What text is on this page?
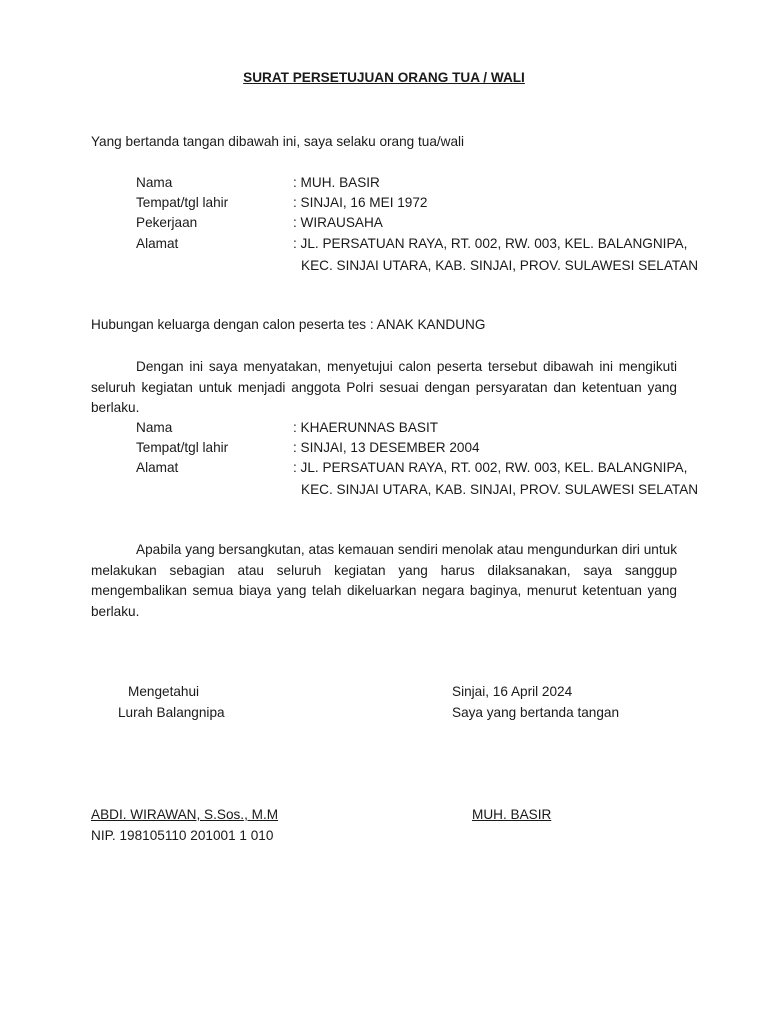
SURAT PERSETUJUAN ORANG TUA / WALI
Yang bertanda tangan dibawah ini, saya selaku orang tua/wali
Nama	: MUH. BASIR
Tempat/tgl lahir	: SINJAI, 16 MEI 1972
Pekerjaan	: WIRAUSAHA
Alamat	: JL. PERSATUAN RAYA, RT. 002, RW. 003, KEL. BALANGNIPA,
KEC. SINJAI UTARA, KAB. SINJAI, PROV. SULAWESI SELATAN
Hubungan keluarga dengan calon peserta tes : ANAK KANDUNG
Dengan ini saya menyatakan, menyetujui calon peserta tersebut dibawah ini mengikuti seluruh kegiatan untuk menjadi anggota Polri sesuai dengan persyaratan dan ketentuan yang berlaku.
Nama	: KHAERUNNAS BASIT
Tempat/tgl lahir	: SINJAI, 13 DESEMBER 2004
Alamat	: JL. PERSATUAN RAYA, RT. 002, RW. 003, KEL. BALANGNIPA,
KEC. SINJAI UTARA, KAB. SINJAI, PROV. SULAWESI SELATAN
Apabila yang bersangkutan, atas kemauan sendiri menolak atau mengundurkan diri untuk melakukan sebagian atau seluruh kegiatan yang harus dilaksanakan, saya sanggup mengembalikan semua biaya yang telah dikeluarkan negara baginya, menurut ketentuan yang berlaku.
Mengetahui
Lurah Balangnipa
Sinjai, 16 April 2024
Saya yang bertanda tangan
ABDI. WIRAWAN, S.Sos., M.M
NIP. 198105110 201001 1 010
MUH. BASIR
